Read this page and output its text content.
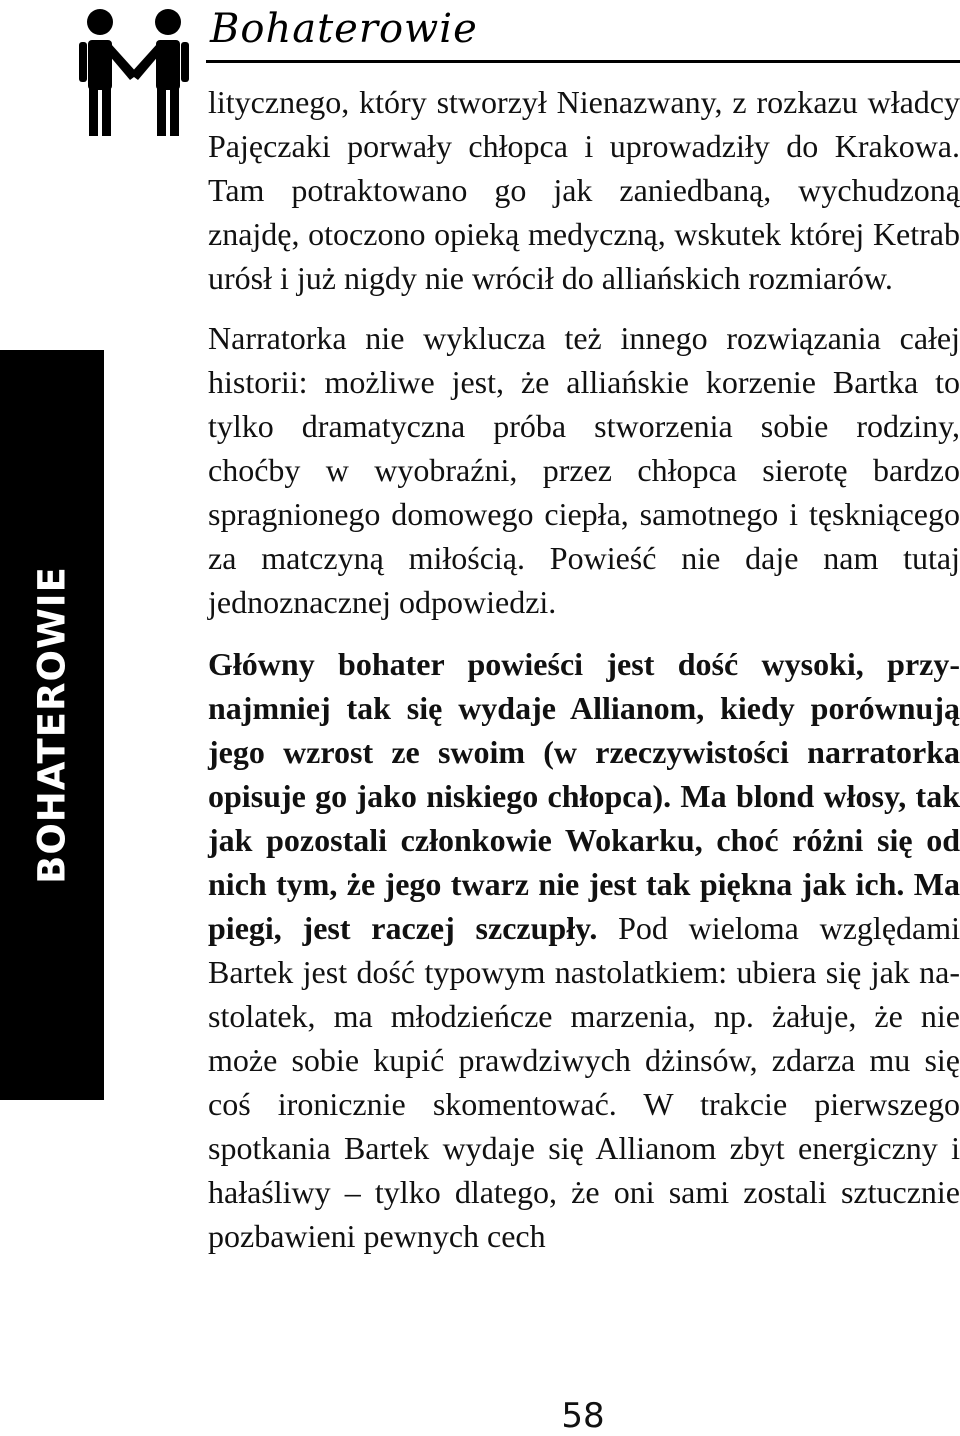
Bohaterowie
BOHATEROWIE

litycznego, który stworzył Nienazwany, z rozkazu władcy Pajęczaki porwały chłopca i uprowadziły do Krakowa. Tam potraktowano go jak zaniedbaną, wychudzoną znajdę, otoczono opieką medyczną, wskutek której Ketrab urósł i już nigdy nie wrócił do alliańskich rozmiarów.

Narratorka nie wyklucza też innego rozwiązania całej historii: możliwe jest, że alliańskie korzenie Bartka to tylko dramatyczna próba stworzenia sobie rodziny, choćby w wyobraźni, przez chłopca sierotę bardzo spragnionego domowego ciepła, samotnego i tęskniącego za matczyną miłością. Powieść nie daje nam tutaj jednoznacznej odpowiedzi.

Główny bohater powieści jest dość wysoki, przynajmniej tak się wydaje Allianom, kiedy porównują jego wzrost ze swoim (w rzeczywistości narratorka opisuje go jako niskiego chłopca). Ma blond włosy, tak jak pozostali członkowie Wokarku, choć różni się od nich tym, że jego twarz nie jest tak piękna jak ich. Ma piegi, jest raczej szczupły. Pod wieloma względami Bartek jest dość typowym nastolatkiem: ubiera się jak nastolatek, ma młodzieńcze marzenia, np. żałuje, że nie może sobie kupić prawdziwych dżinsów, zdarza mu się coś ironicznie skomentować. W trakcie pierwszego spotkania Bartek wydaje się Allianom zbyt energiczny i hałaśliwy – tylko dlatego, że oni sami zostali sztucznie pozbawieni pewnych cech

58
